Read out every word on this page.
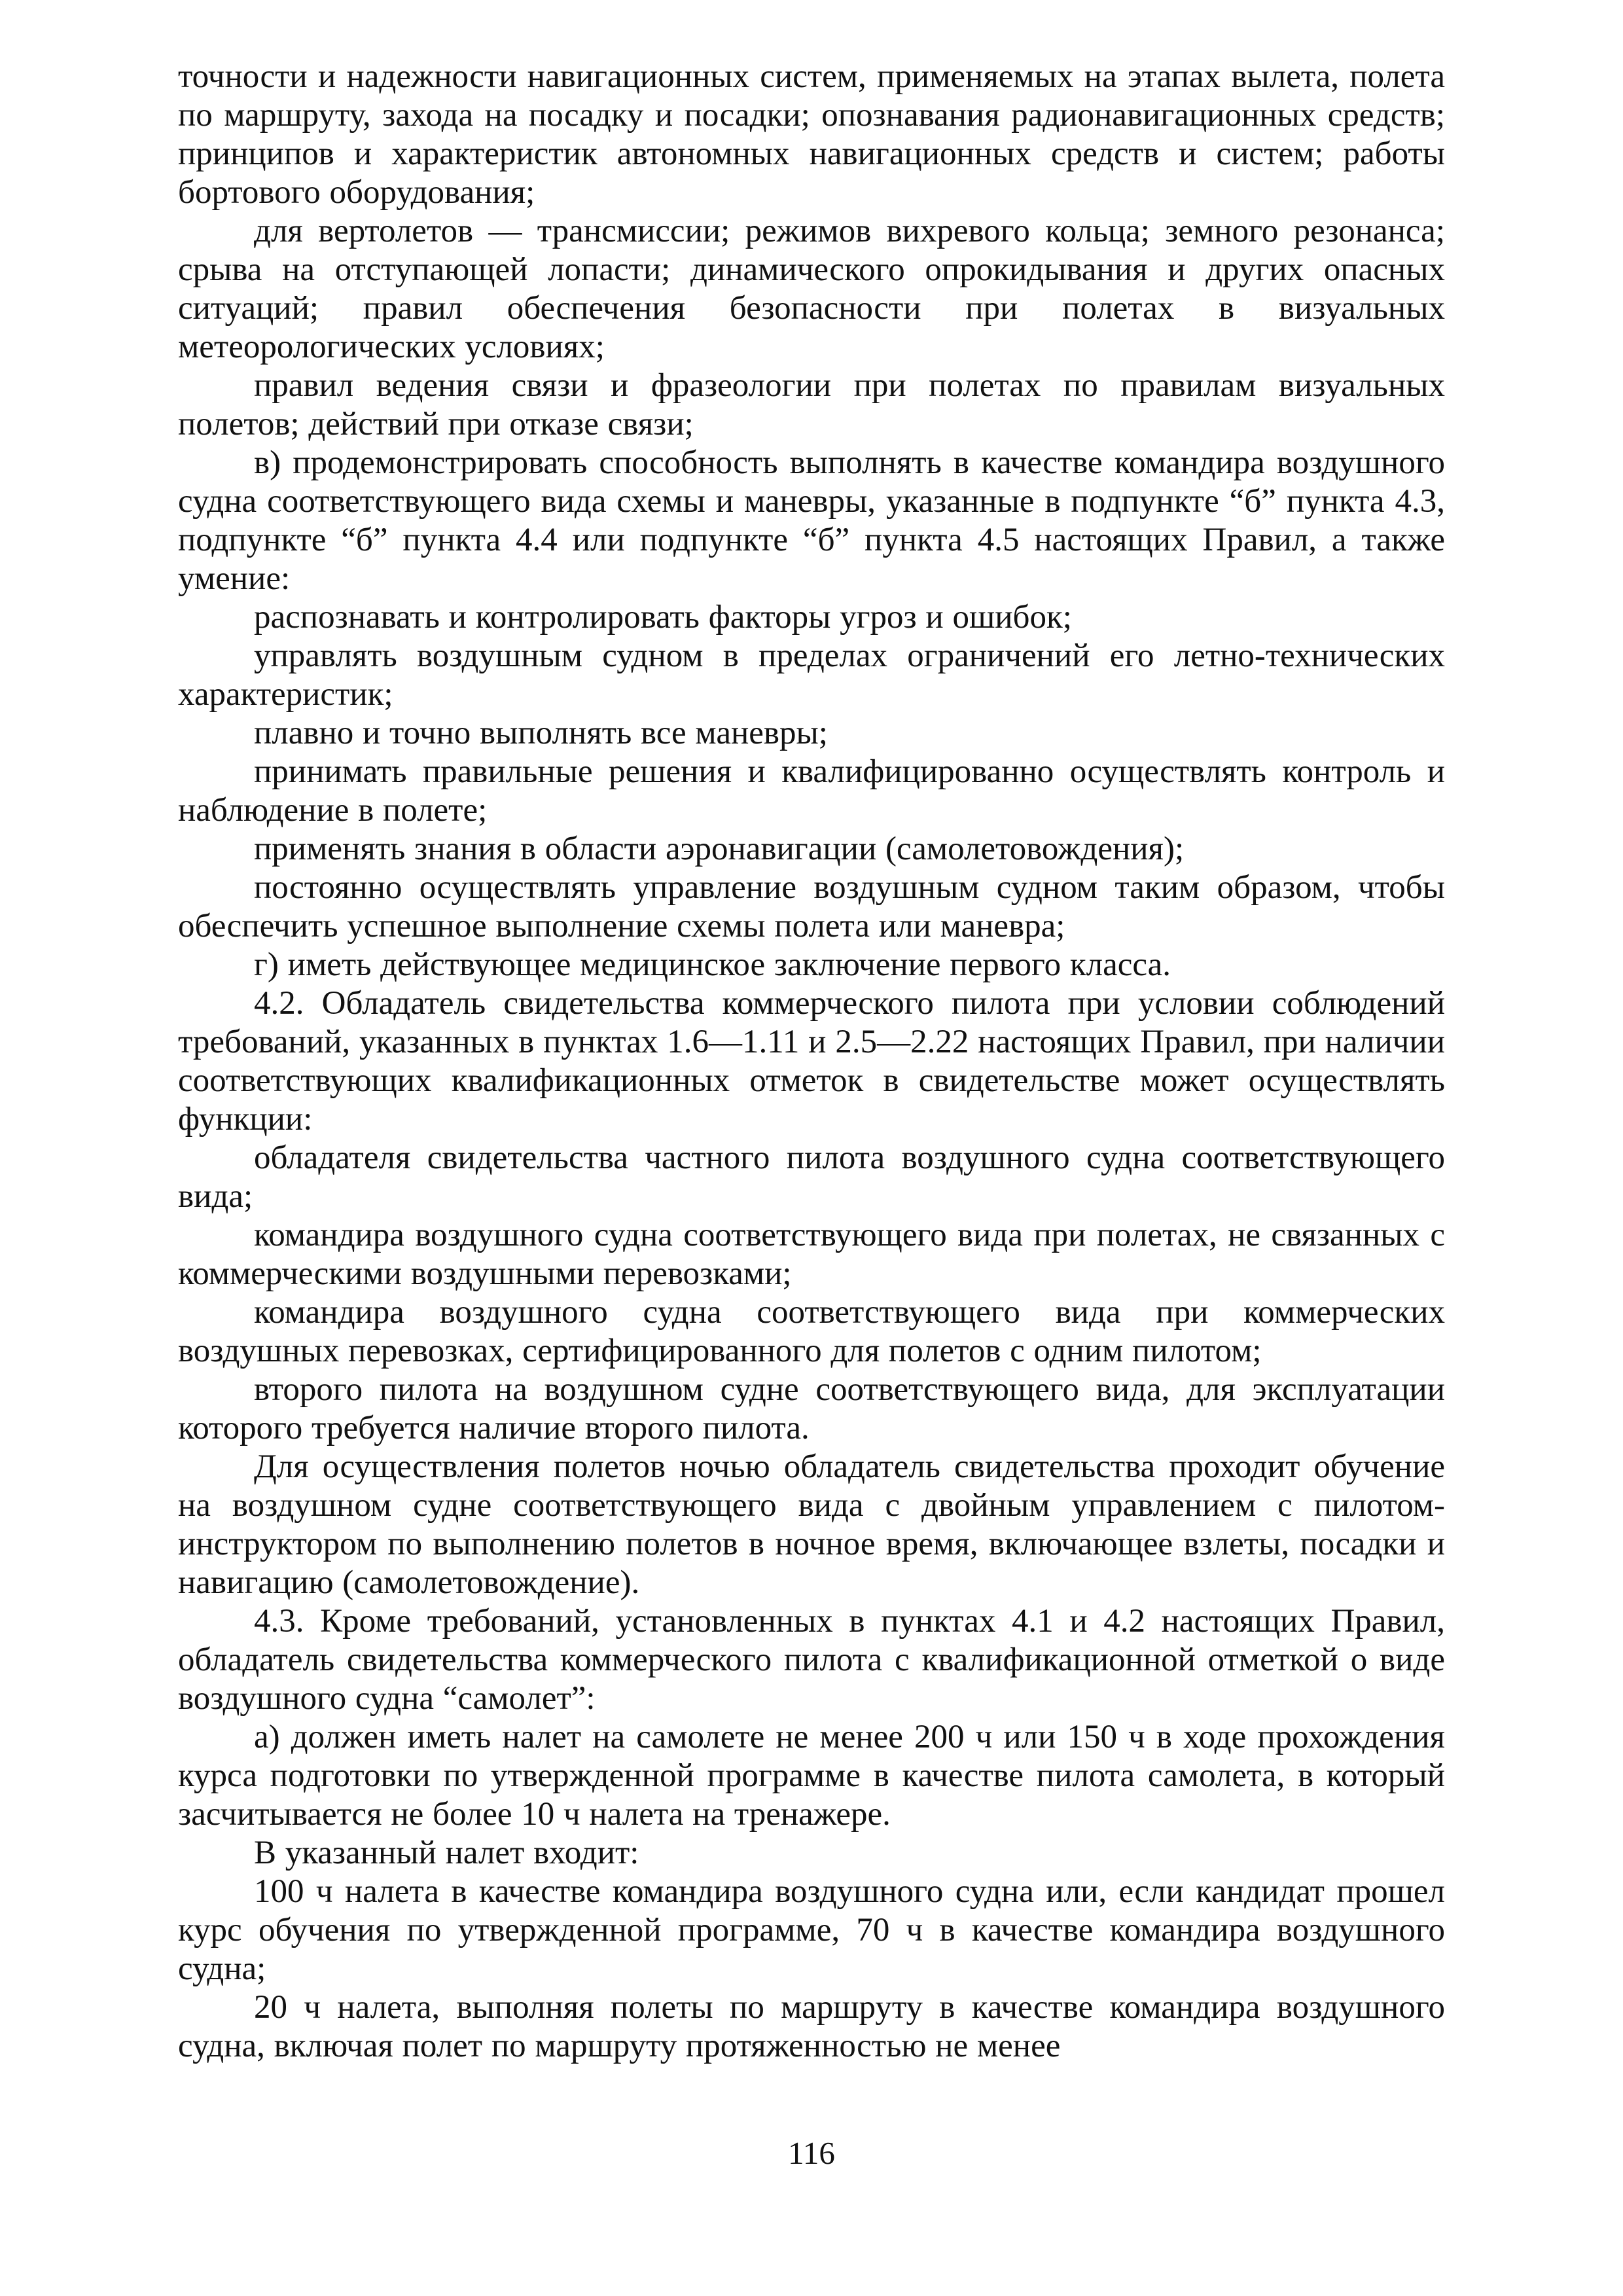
точности и надежности навигационных систем, применяемых на этапах вылета, полета по маршруту, захода на посадку и посадки; опознавания радионавигационных средств; принципов и характеристик автономных навигационных средств и систем; работы бортового оборудования;

для вертолетов — трансмиссии; режимов вихревого кольца; земного резонанса; срыва на отступающей лопасти; динамического опрокидывания и других опасных ситуаций; правил обеспечения безопасности при полетах в визуальных метеорологических условиях;

правил ведения связи и фразеологии при полетах по правилам визуальных полетов; действий при отказе связи;

в) продемонстрировать способность выполнять в качестве командира воздушного судна соответствующего вида схемы и маневры, указанные в подпункте “б” пункта 4.3, подпункте “б” пункта 4.4 или подпункте “б” пункта 4.5 настоящих Правил, а также умение:

распознавать и контролировать факторы угроз и ошибок;

управлять воздушным судном в пределах ограничений его летно-технических характеристик;

плавно и точно выполнять все маневры;

принимать правильные решения и квалифицированно осуществлять контроль и наблюдение в полете;

применять знания в области аэронавигации (самолетовождения);

постоянно осуществлять управление воздушным судном таким образом, чтобы обеспечить успешное выполнение схемы полета или маневра;

г) иметь действующее медицинское заключение первого класса.

4.2. Обладатель свидетельства коммерческого пилота при условии соблюдений требований, указанных в пунктах 1.6—1.11 и 2.5—2.22 настоящих Правил, при наличии соответствующих квалификационных отметок в свидетельстве может осуществлять функции:

обладателя свидетельства частного пилота воздушного судна соответствующего вида;

командира воздушного судна соответствующего вида при полетах, не связанных с коммерческими воздушными перевозками;

командира воздушного судна соответствующего вида при коммерческих воздушных перевозках, сертифицированного для полетов с одним пилотом;

второго пилота на воздушном судне соответствующего вида, для эксплуатации которого требуется наличие второго пилота.

Для осуществления полетов ночью обладатель свидетельства проходит обучение на воздушном судне соответствующего вида с двойным управлением с пилотом-инструктором по выполнению полетов в ночное время, включающее взлеты, посадки и навигацию (самолетовождение).

4.3. Кроме требований, установленных в пунктах 4.1 и 4.2 настоящих Правил, обладатель свидетельства коммерческого пилота с квалификационной отметкой о виде воздушного судна “самолет”:

а) должен иметь налет на самолете не менее 200 ч или 150 ч в ходе прохождения курса подготовки по утвержденной программе в качестве пилота самолета, в который засчитывается не более 10 ч налета на тренажере.

В указанный налет входит:

100 ч налета в качестве командира воздушного судна или, если кандидат прошел курс обучения по утвержденной программе, 70 ч в качестве командира воздушного судна;

20 ч налета, выполняя полеты по маршруту в качестве командира воздушного судна, включая полет по маршруту протяженностью не менее

116
